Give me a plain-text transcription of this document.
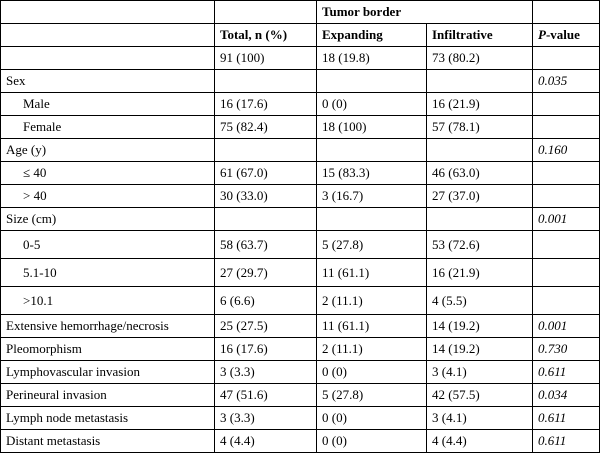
		Tumor border		
	Total, n (%)	Expanding	Infiltrative	P-value
	91 (100)	18 (19.8)	73 (80.2)	
Sex				0.035
Male	16 (17.6)	0 (0)	16 (21.9)	
Female	75 (82.4)	18 (100)	57 (78.1)	
Age (y)				0.160
≤ 40	61 (67.0)	15 (83.3)	46 (63.0)	
> 40	30 (33.0)	3 (16.7)	27 (37.0)	
Size (cm)				0.001
0-5	58 (63.7)	5 (27.8)	53 (72.6)	
5.1-10	27 (29.7)	11 (61.1)	16 (21.9)	
>10.1	6 (6.6)	2 (11.1)	4 (5.5)	
Extensive hemorrhage/necrosis	25 (27.5)	11 (61.1)	14 (19.2)	0.001
Pleomorphism	16 (17.6)	2 (11.1)	14 (19.2)	0.730
Lymphovascular invasion	3 (3.3)	0 (0)	3 (4.1)	0.611
Perineural invasion	47 (51.6)	5 (27.8)	42 (57.5)	0.034
Lymph node metastasis	3 (3.3)	0 (0)	3 (4.1)	0.611
Distant metastasis	4 (4.4)	0 (0)	4 (4.4)	0.611
